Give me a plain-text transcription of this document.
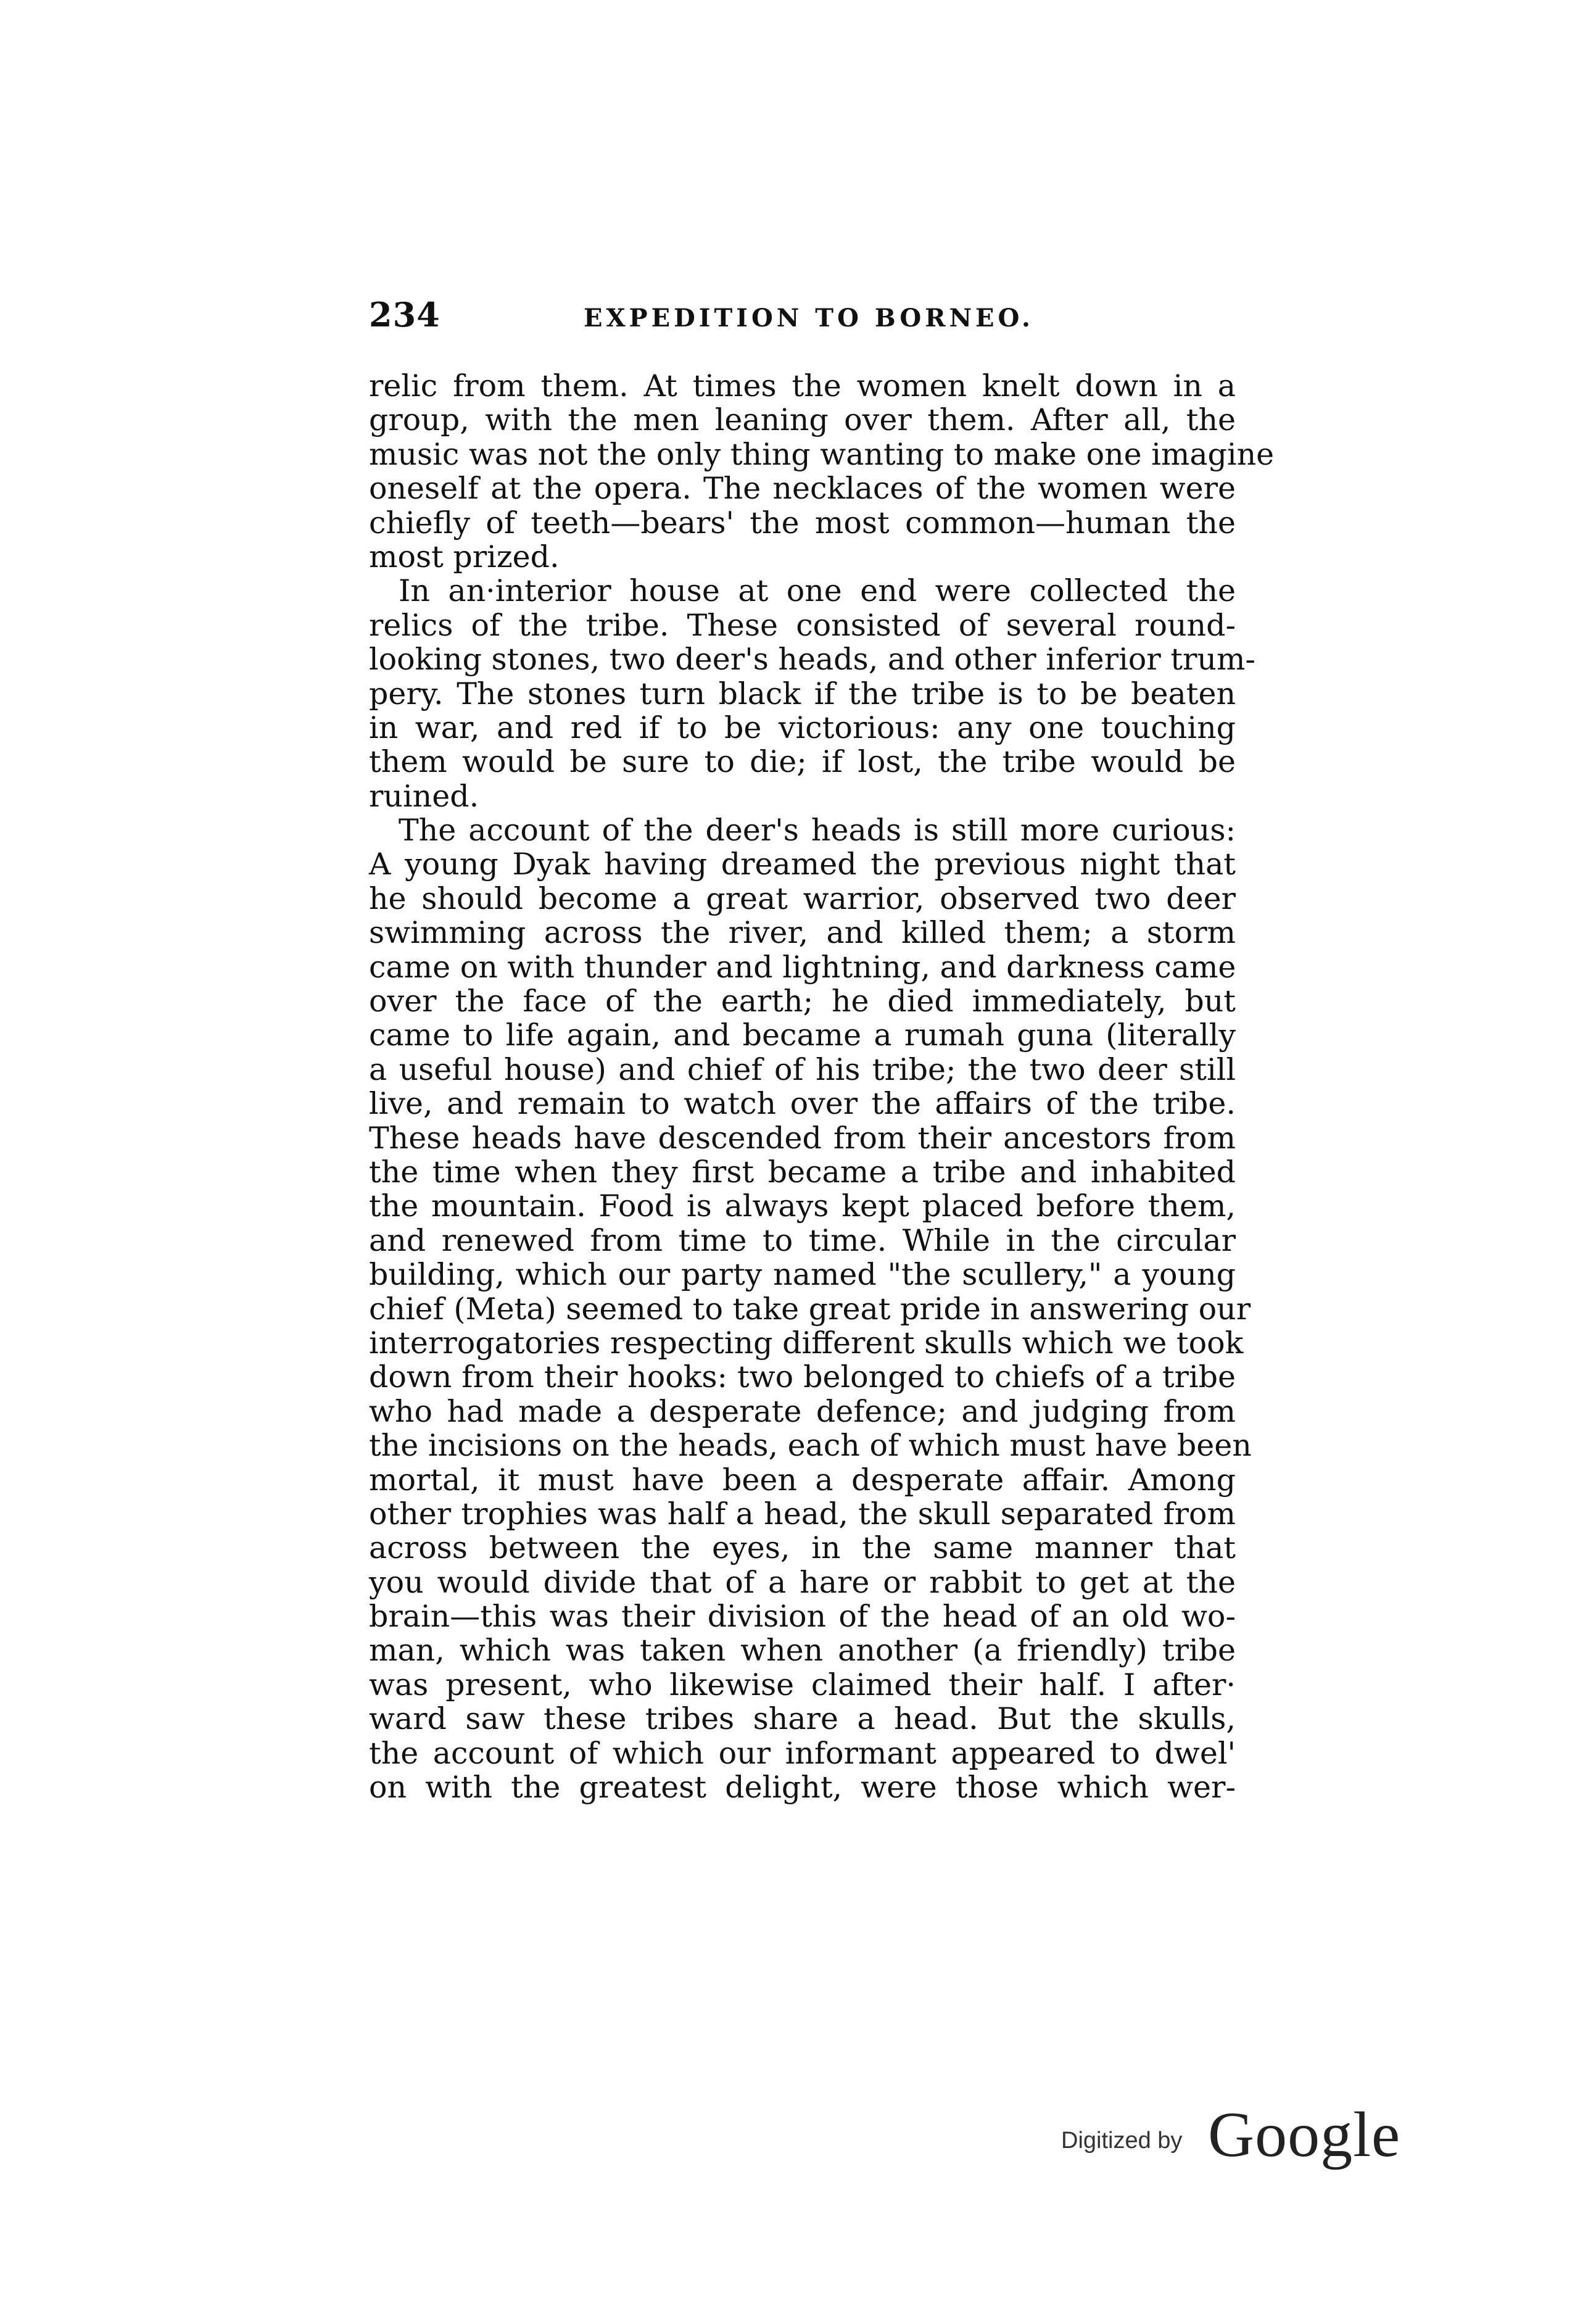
234	EXPEDITION TO BORNEO.
relic from them. At times the women knelt down in a
group, with the men leaning over them. After all, the
music was not the only thing wanting to make one imagine
oneself at the opera. The necklaces of the women were
chiefly of teeth—bears' the most common—human the
most prized.
In an·interior house at one end were collected the
relics of the tribe. These consisted of several round-
looking stones, two deer's heads, and other inferior trum-
pery. The stones turn black if the tribe is to be beaten
in war, and red if to be victorious: any one touching
them would be sure to die; if lost, the tribe would be
ruined.
The account of the deer's heads is still more curious:
A young Dyak having dreamed the previous night that
he should become a great warrior, observed two deer
swimming across the river, and killed them; a storm
came on with thunder and lightning, and darkness came
over the face of the earth; he died immediately, but
came to life again, and became a rumah guna (literally
a useful house) and chief of his tribe; the two deer still
live, and remain to watch over the affairs of the tribe.
These heads have descended from their ancestors from
the time when they first became a tribe and inhabited
the mountain. Food is always kept placed before them,
and renewed from time to time. While in the circular
building, which our party named "the scullery," a young
chief (Meta) seemed to take great pride in answering our
interrogatories respecting different skulls which we took
down from their hooks: two belonged to chiefs of a tribe
who had made a desperate defence; and judging from
the incisions on the heads, each of which must have been
mortal, it must have been a desperate affair. Among
other trophies was half a head, the skull separated from
across between the eyes, in the same manner that
you would divide that of a hare or rabbit to get at the
brain—this was their division of the head of an old wo-
man, which was taken when another (a friendly) tribe
was present, who likewise claimed their half. I after·
ward saw these tribes share a head. But the skulls,
the account of which our informant appeared to dwel'
on with the greatest delight, were those which wer-
Digitized by Google
